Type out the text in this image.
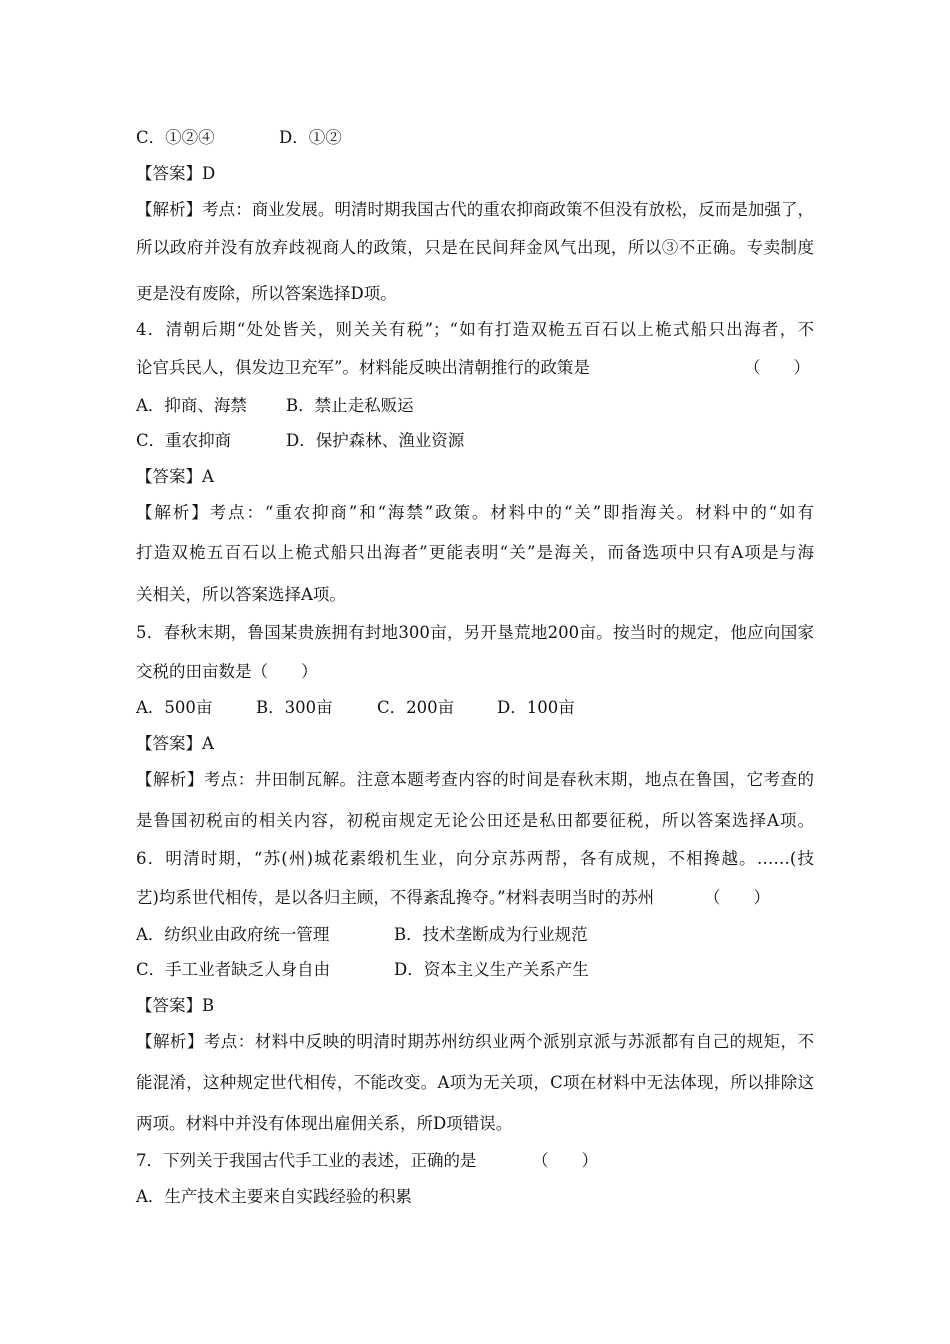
C．①②④	D．①②
【答案】D
【解析】考点：商业发展。明清时期我国古代的重农抑商政策不但没有放松，反而是加强了，
所以政府并没有放弃歧视商人的政策，只是在民间拜金风气出现，所以③不正确。专卖制度
更是没有废除，所以答案选择D项。
4．清朝后期“处处皆关，则关关有税”；“如有打造双桅五百石以上桅式船只出海者，不
论官兵民人，俱发边卫充军”。材料能反映出清朝推行的政策是	（　　）
A．抑商、海禁 B．禁止走私贩运
C．重农抑商	D．保护森林、渔业资源
【答案】A
【解析】考点：“重农抑商”和“海禁”政策。材料中的“关”即指海关。材料中的“如有
打造双桅五百石以上桅式船只出海者”更能表明“关”是海关，而备选项中只有A项是与海
关相关，所以答案选择A项。
5．春秋末期，鲁国某贵族拥有封地300亩，另开垦荒地200亩。按当时的规定，他应向国家
交税的田亩数是（　　）
A．500亩	B．300亩	C．200亩	D．100亩
【答案】A
【解析】考点：井田制瓦解。注意本题考查内容的时间是春秋末期，地点在鲁国，它考查的
是鲁国初税亩的相关内容，初税亩规定无论公田还是私田都要征税，所以答案选择A项。
6．明清时期，“苏(州)城花素缎机生业，向分京苏两帮，各有成规，不相搀越。……(技
艺)均系世代相传，是以各归主顾，不得紊乱搀夺。”材料表明当时的苏州	（　　）
A．纺织业由政府统一管理	B．技术垄断成为行业规范
C．手工业者缺乏人身自由	D．资本主义生产关系产生
【答案】B
【解析】考点：材料中反映的明清时期苏州纺织业两个派别京派与苏派都有自己的规矩，不
能混淆，这种规定世代相传，不能改变。A项为无关项，C项在材料中无法体现，所以排除这
两项。材料中并没有体现出雇佣关系，所D项错误。
7．下列关于我国古代手工业的表述，正确的是	（　　）
A．生产技术主要来自实践经验的积累
